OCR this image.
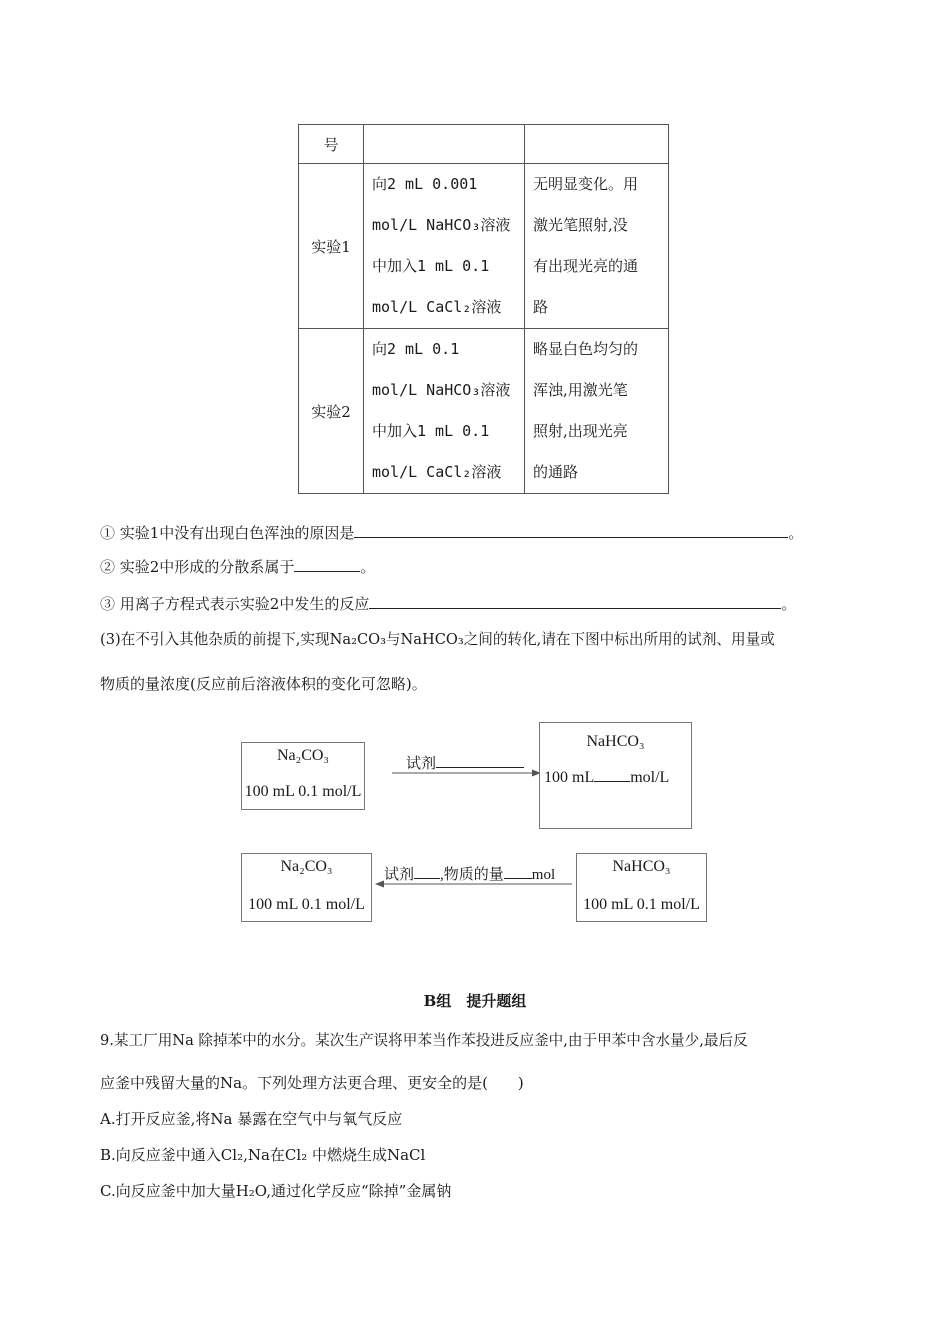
号		
实验1	向2 mL 0.001
mol/L NaHCO₃溶液
中加入1 mL 0.1
mol/L CaCl₂溶液	无明显变化。用
激光笔照射,没
有出现光亮的通
路

实验2	向2 mL 0.1
mol/L NaHCO₃溶液
中加入1 mL 0.1
mol/L CaCl₂溶液	略显白色均匀的
浑浊,用激光笔
照射,出现光亮
的通路
① 实验1中没有出现白色浑浊的原因是	。
② 实验2中形成的分散系属于	。
③ 用离子方程式表示实验2中发生的反应	。
(3)在不引入其他杂质的前提下,实现Na₂CO₃与NaHCO₃之间的转化,请在下图中标出所用的试剂、用量或
物质的量浓度(反应前后溶液体积的变化可忽略)。
Na₂CO₃
100 mL 0.1 mol/L
试剂
NaHCO₃
100 mL mol/L
Na₂CO₃
100 mL 0.1 mol/L
试剂 ,物质的量 mol	NaHCO₃
100 mL 0.1 mol/L
B组　提升题组
9.某工厂用Na 除掉苯中的水分。某次生产误将甲苯当作苯投进反应釜中,由于甲苯中含水量少,最后反
应釜中残留大量的Na。下列处理方法更合理、更安全的是(　　)
A.打开反应釜,将Na 暴露在空气中与氧气反应
B.向反应釜中通入Cl₂,Na在Cl₂ 中燃烧生成NaCl
C.向反应釜中加大量H₂O,通过化学反应“除掉”金属钠
